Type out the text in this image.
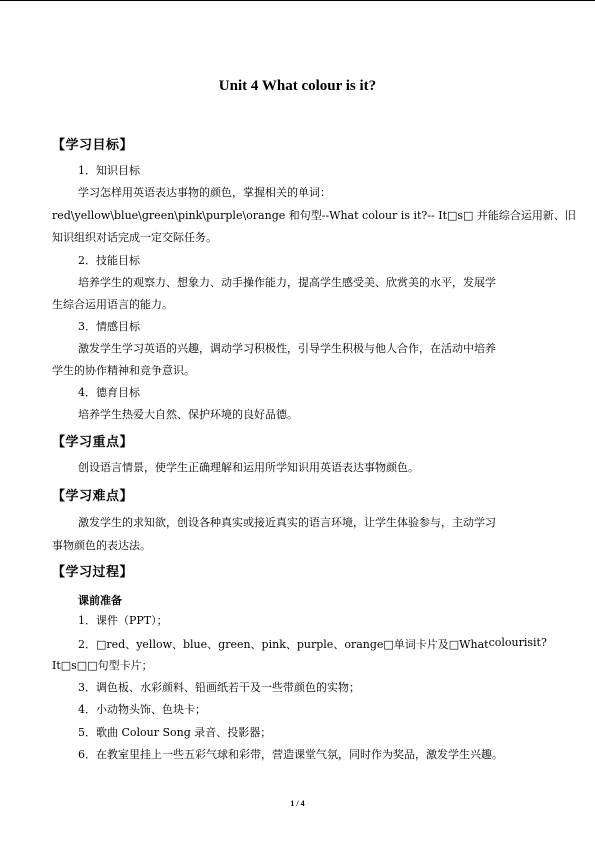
Unit 4 What colour is it?
【学习目标】
1．知识目标
学习怎样用英语表达事物的颜色，掌握相关的单词：
red\yellow\blue\green\pink\purple\orange 和句型--What colour is it?-- It□s□ 并能综合运用新、旧
知识组织对话完成一定交际任务。
2．技能目标
培养学生的观察力、想象力、动手操作能力，提高学生感受美、欣赏美的水平，发展学
生综合运用语言的能力。
3．情感目标
激发学生学习英语的兴趣，调动学习积极性，引导学生积极与他人合作，在活动中培养
学生的协作精神和竞争意识。
4．德育目标
培养学生热爱大自然、保护环境的良好品德。
【学习重点】
创设语言情景，使学生正确理解和运用所学知识用英语表达事物颜色。
【学习难点】
激发学生的求知欲，创设各种真实或接近真实的语言环境，让学生体验参与，主动学习
事物颜色的表达法。
【学习过程】
课前准备
1．课件（PPT）；
2．□red、yellow、blue、green、pink、purple、orange□单词卡片及□What colour is it?
It□s□□句型卡片；
3．调色板、水彩颜料、铅画纸若干及一些带颜色的实物；
4．小动物头饰、色块卡；
5．歌曲 Colour Song 录音、投影器；
6．在教室里挂上一些五彩气球和彩带，营造课堂气氛，同时作为奖品，激发学生兴趣。
1 / 4
